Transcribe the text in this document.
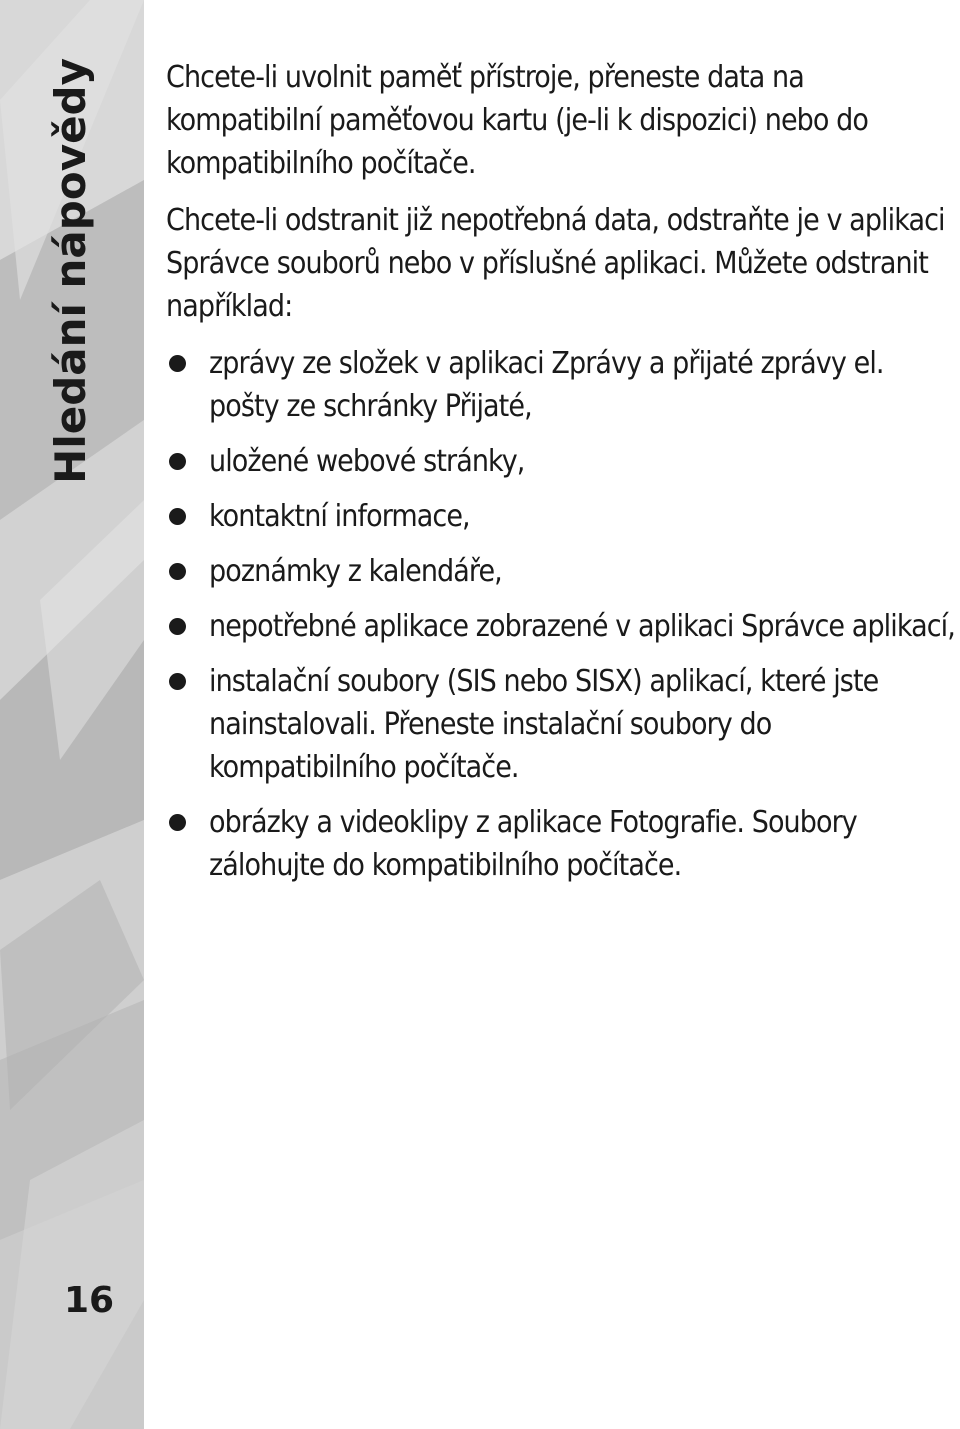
Hledání nápovědy
16

Chcete-li uvolnit paměť přístroje, přeneste data na kompatibilní paměťovou kartu (je-li k dispozici) nebo do kompatibilního počítače.

Chcete-li odstranit již nepotřebná data, odstraňte je v aplikaci Správce souborů nebo v příslušné aplikaci. Můžete odstranit například:

zprávy ze složek v aplikaci Zprávy a přijaté zprávy el. pošty ze schránky Přijaté,
uložené webové stránky,
kontaktní informace,
poznámky z kalendáře,
nepotřebné aplikace zobrazené v aplikaci Správce aplikací,
instalační soubory (SIS nebo SISX) aplikací, které jste nainstalovali. Přeneste instalační soubory do kompatibilního počítače.
obrázky a videoklipy z aplikace Fotografie. Soubory zálohujte do kompatibilního počítače.
